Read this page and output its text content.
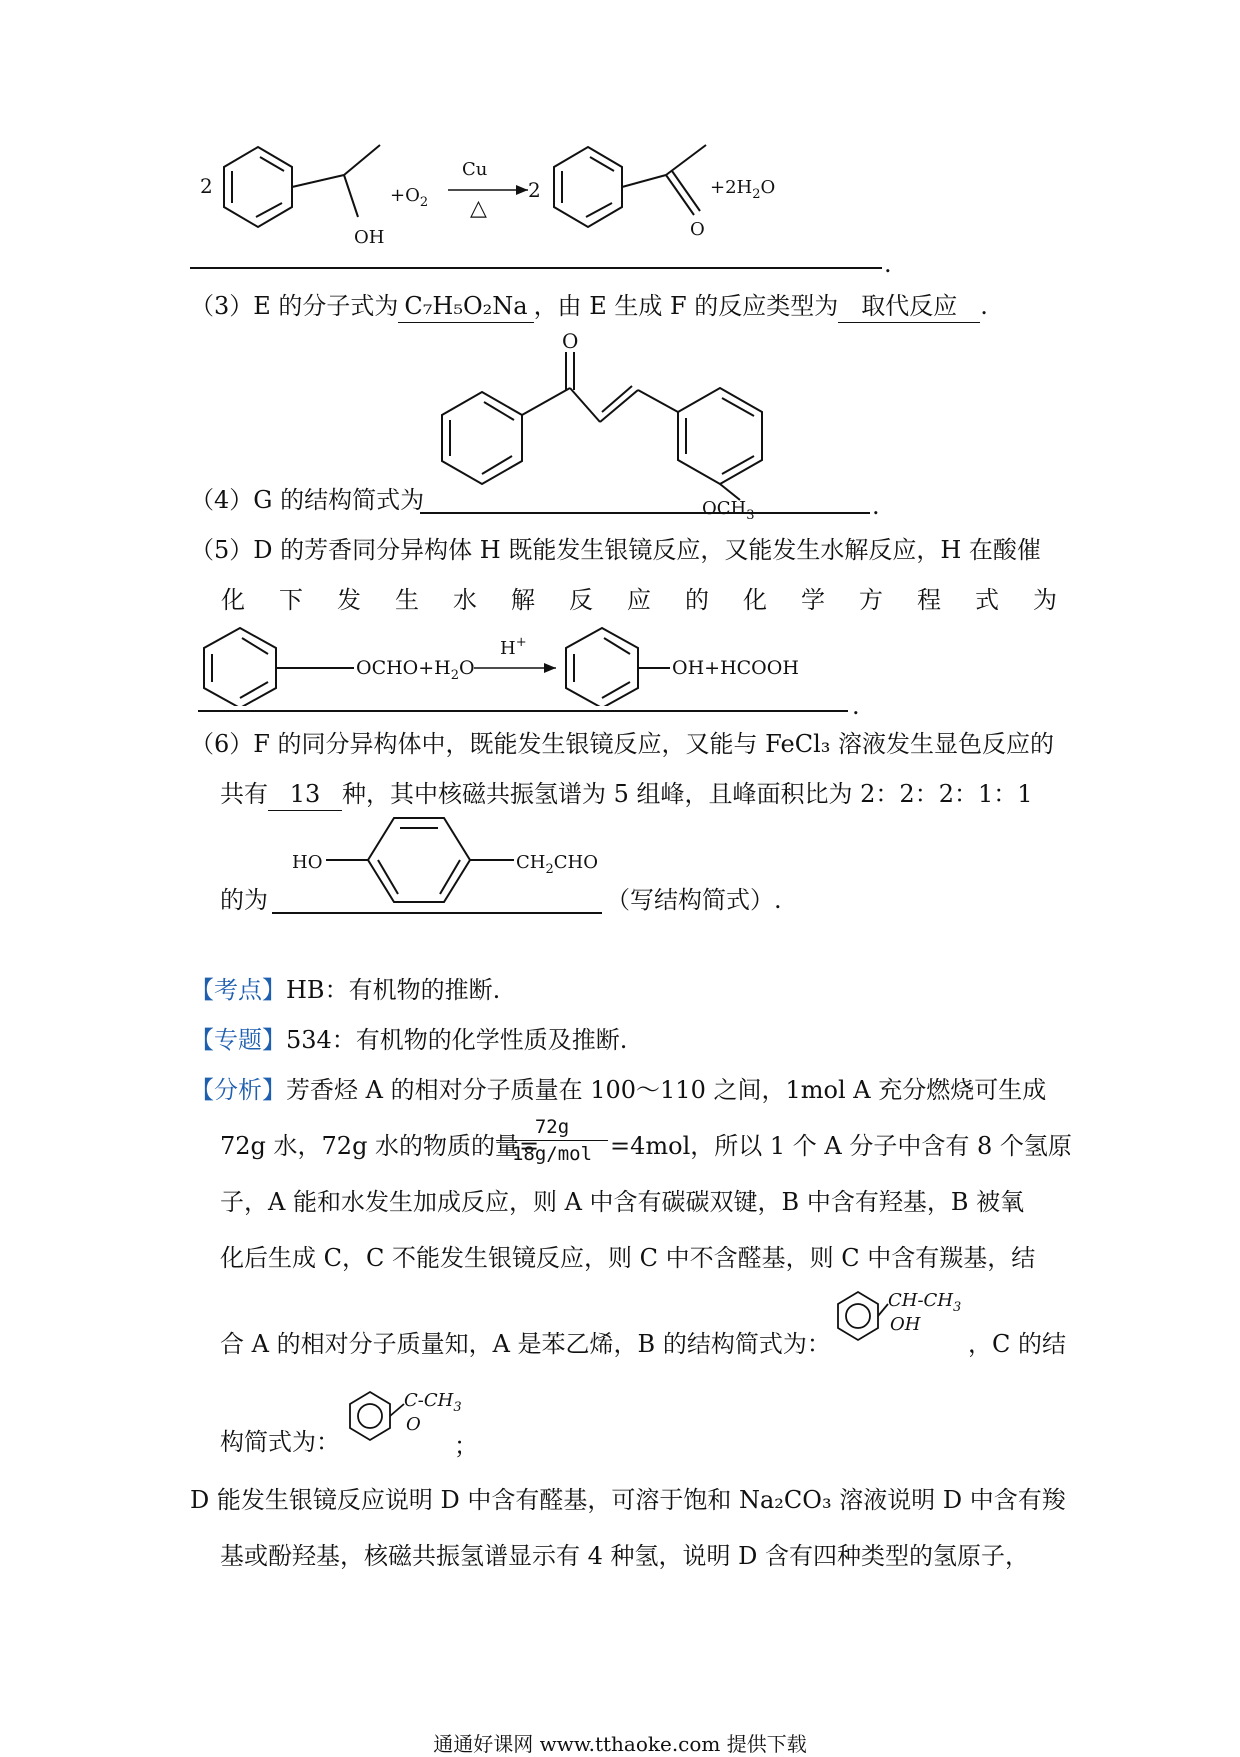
2
OH
$+O_2$
Cu
△
2
O
$+2H_2O$
.
（3）E 的分子式为 C₇H₅O₂Na ，由 E 生成 F 的反应类型为 取代反应 .
O
$OCH_3$
（4）G 的结构简式为	.
（5）D 的芳香同分异构体 H 既能发生银镜反应，又能发生水解反应，H 在酸催
化 下 发 生 水 解 反 应 的 化 学 方 程 式 为
$OCHO+H_2O$
H+
OH+HCOOH
.
（6）F 的同分异构体中，既能发生银镜反应，又能与 FeCl₃ 溶液发生显色反应的
共有 13 种，其中核磁共振氢谱为 5 组峰，且峰面积比为 2：2：2：1：1
HO	$CH_2CHO$
的为	（写结构简式）.
【考点】HB：有机物的推断.
【专题】534：有机物的化学性质及推断.
【分析】芳香烃 A 的相对分子质量在 100～110 之间，1mol A 充分燃烧可生成
72g 水，72g 水的物质的量=
72g
18g/mol =4mol，所以 1 个 A 分子中含有 8 个氢原
子，A 能和水发生加成反应，则 A 中含有碳碳双键，B 中含有羟基，B 被氧
化后生成 C，C 不能发生银镜反应，则 C 中不含醛基，则 C 中含有羰基，结
合 A 的相对分子质量知，A 是苯乙烯，B 的结构简式为：
$CH-CH_3$
OH
，C 的结
构简式为：
$C-CH_3$
O
；
D 能发生银镜反应说明 D 中含有醛基，可溶于饱和 Na₂CO₃ 溶液说明 D 中含有羧
基或酚羟基，核磁共振氢谱显示有 4 种氢，说明 D 含有四种类型的氢原子，
通通好课网 www.tthaoke.com 提供下载
